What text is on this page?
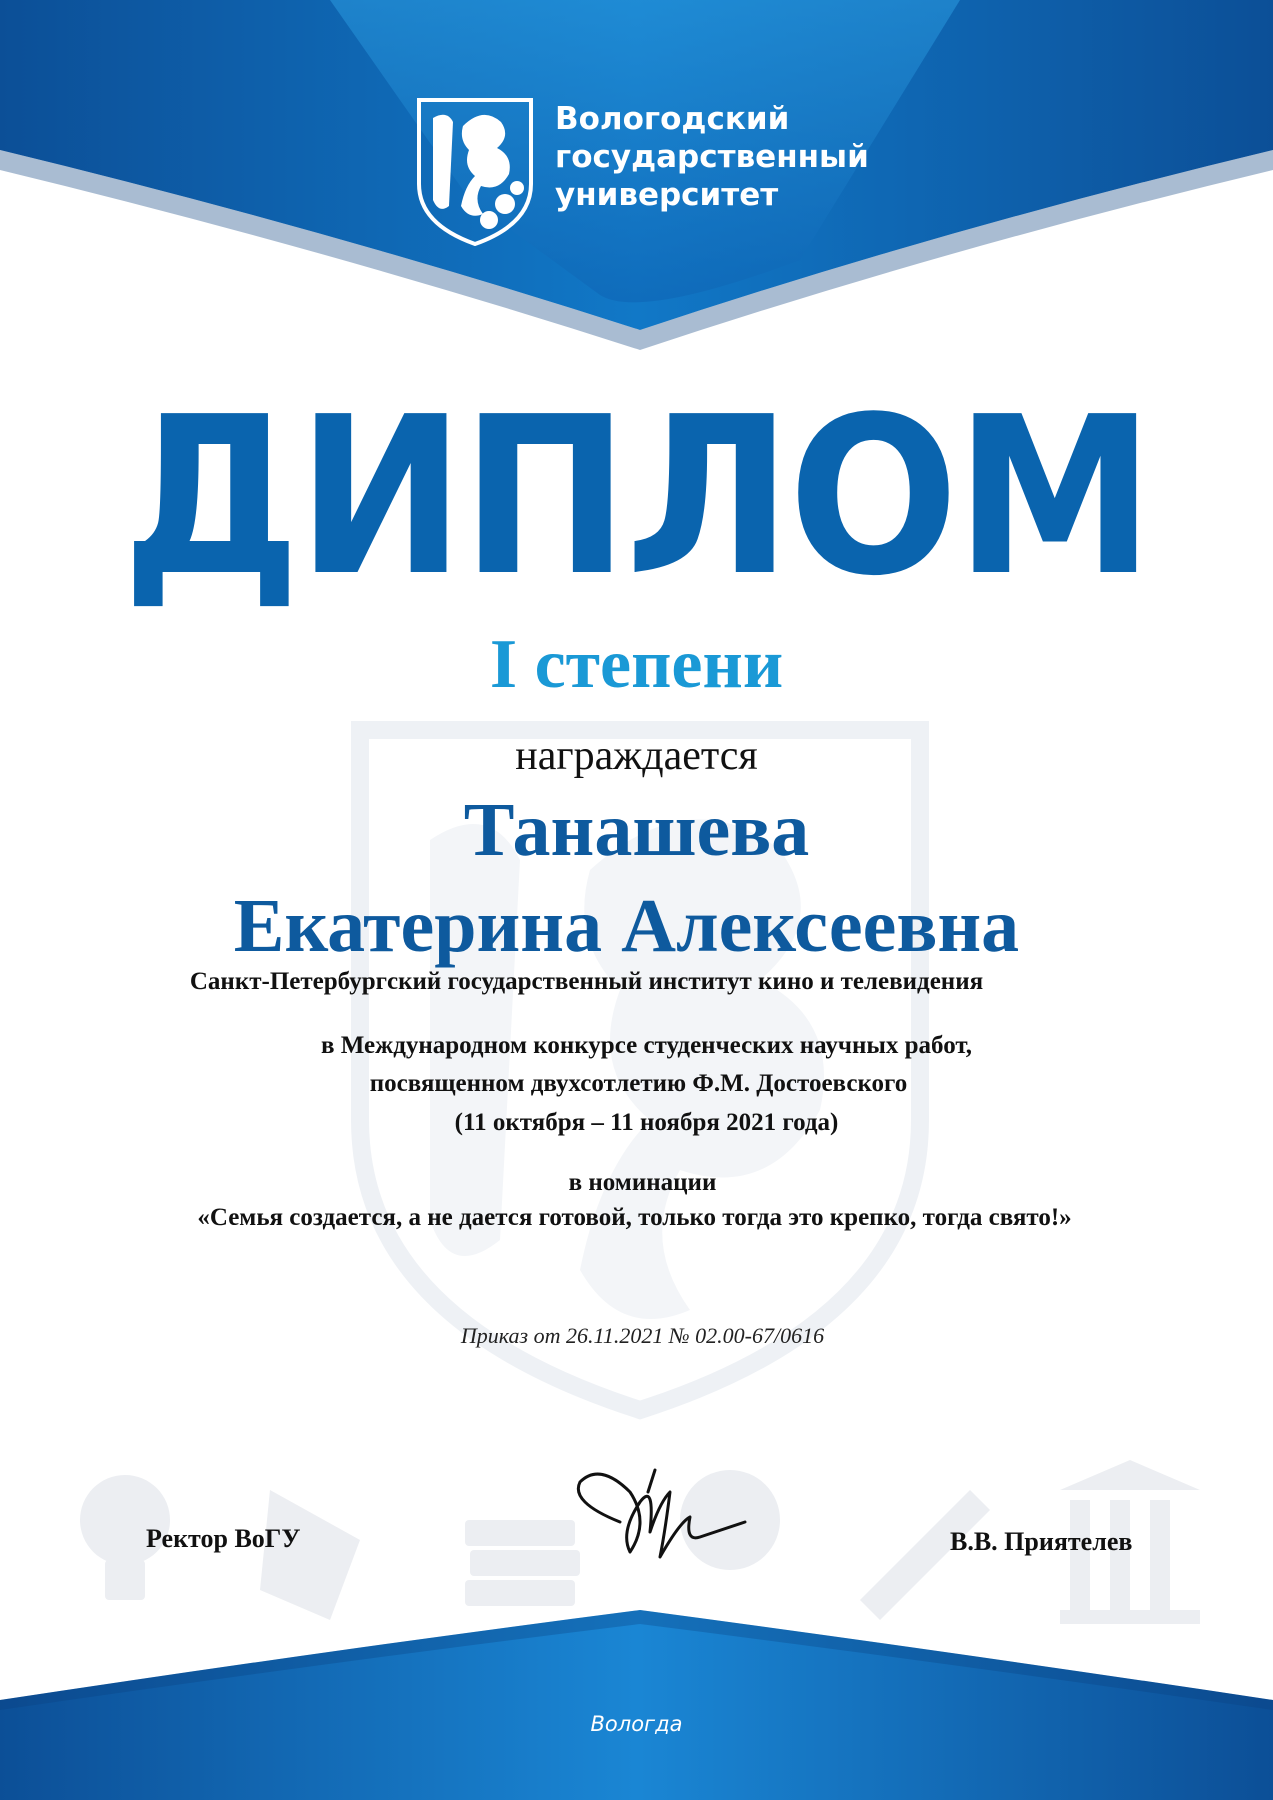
Вологодский
государственный
университет
ДИПЛОМ
I степени
награждается
Танашева
Екатерина Алексеевна
Санкт-Петербургский государственный институт кино и телевидения
в Международном конкурсе студенческих научных работ,
посвященном двухсотлетию Ф.М. Достоевского
(11 октября – 11 ноября 2021 года)
в номинации
«Семья создается, а не дается готовой, только тогда это крепко, тогда свято!»
Приказ от 26.11.2021 № 02.00-67/0616
Ректор ВоГУ	В.В. Приятелев
Вологда
